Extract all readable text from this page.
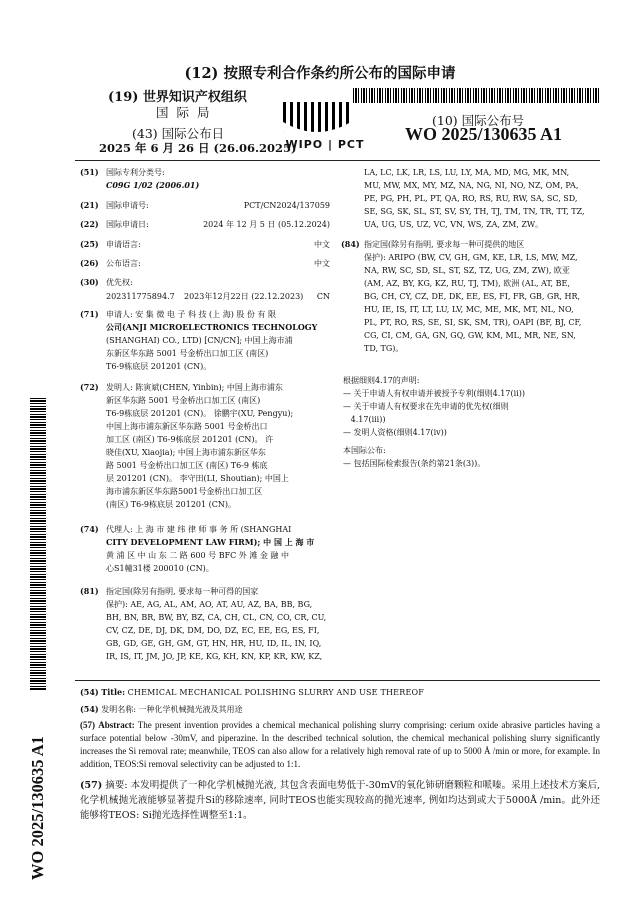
(12) 按照专利合作条约所公布的国际申请
(19) 世界知识产权组织
国 际 局
WIPO | PCT
(10) 国际公布号
WO 2025/130635 A1
(43) 国际公布日
2025 年 6 月 26 日 (26.06.2025)
(51) 国际专利分类号:
C09G 1/02 (2006.01)
(21) 国际申请号:	PCT/CN2024/137059
(22) 国际申请日:	2024 年 12 月 5 日 (05.12.2024)
(25) 申请语言:	中文
(26) 公布语言:	中文
(30) 优先权:
202311775894.7 2023年12月22日 (22.12.2023) CN
(71) 申请人: 安 集 微 电 子 科 技 (上 海) 股 份 有 限
公司(ANJI MICROELECTRONICS TECHNOLOGY
(SHANGHAI) CO., LTD) [CN/CN]; 中国上海市浦
东新区华东路 5001 号金桥出口加工区 (南区)
T6-9栋底层 201201 (CN)。
(72) 发明人: 陈寅斌(CHEN, Yinbin); 中国上海市浦东
新区华东路 5001 号金桥出口加工区 (南区)
T6-9栋底层 201201 (CN)。 徐鹏宇(XU, Pengyu);
中国上海市浦东新区华东路 5001 号金桥出口
加工区 (南区) T6-9栋底层 201201 (CN)。 许
晓佳(XU, Xiaojia); 中国上海市浦东新区华东
路 5001 号金桥出口加工区 (南区) T6-9 栋底
层 201201 (CN)。 李守田(LI, Shoutian); 中国上
海市浦东新区华东路5001号金桥出口加工区
(南区) T6-9栋底层 201201 (CN)。
(74) 代理人: 上 海 市 建 纬 律 师 事 务 所 (SHANGHAI
CITY DEVELOPMENT LAW FIRM); 中 国 上 海 市
黄 浦 区 中 山 东 二 路 600 号 BFC 外 滩 金 融 中
心S1幢31楼 200010 (CN)。
(81) 指定国(除另有指明, 要求每一种可得的国家
保护): AE, AG, AL, AM, AO, AT, AU, AZ, BA, BB, BG,
BH, BN, BR, BW, BY, BZ, CA, CH, CL, CN, CO, CR, CU,
CV, CZ, DE, DJ, DK, DM, DO, DZ, EC, EE, EG, ES, FI,
GB, GD, GE, GH, GM, GT, HN, HR, HU, ID, IL, IN, IQ,
IR, IS, IT, JM, JO, JP, KE, KG, KH, KN, KP, KR, KW, KZ,
LA, LC, LK, LR, LS, LU, LY, MA, MD, MG, MK, MN,
MU, MW, MX, MY, MZ, NA, NG, NI, NO, NZ, OM, PA,
PE, PG, PH, PL, PT, QA, RO, RS, RU, RW, SA, SC, SD,
SE, SG, SK, SL, ST, SV, SY, TH, TJ, TM, TN, TR, TT, TZ,
UA, UG, US, UZ, VC, VN, WS, ZA, ZM, ZW。
(84) 指定国(除另有指明, 要求每一种可提供的地区
保护): ARIPO (BW, CV, GH, GM, KE, LR, LS, MW, MZ,
NA, RW, SC, SD, SL, ST, SZ, TZ, UG, ZM, ZW), 欧亚
(AM, AZ, BY, KG, KZ, RU, TJ, TM), 欧洲 (AL, AT, BE,
BG, CH, CY, CZ, DE, DK, EE, ES, FI, FR, GB, GR, HR,
HU, IE, IS, IT, LT, LU, LV, MC, ME, MK, MT, NL, NO,
PL, PT, RO, RS, SE, SI, SK, SM, TR), OAPI (BF, BJ, CF,
CG, CI, CM, GA, GN, GQ, GW, KM, ML, MR, NE, SN,
TD, TG)。
根据细则4.17的声明:
— 关于申请人有权申请并被授予专利(细则4.17(ii))
— 关于申请人有权要求在先申请的优先权(细则
4.17(iii))
— 发明人资格(细则4.17(iv))
本国际公布:
— 包括国际检索报告(条约第21条(3))。
(54) Title: CHEMICAL MECHANICAL POLISHING SLURRY AND USE THEREOF
(54) 发明名称: 一种化学机械抛光液及其用途
(57) Abstract: The present invention provides a chemical mechanical polishing slurry comprising: cerium oxide abrasive particles having a surface potential below -30mV, and piperazine. In the described technical solution, the chemical mechanical polishing slurry significantly increases the Si removal rate; meanwhile, TEOS can also allow for a relatively high removal rate of up to 5000 Å /min or more, for example. In addition, TEOS:Si removal selectivity can be adjusted to 1:1.
(57) 摘要: 本发明提供了一种化学机械抛光液, 其包含表面电势低于-30mV的氧化铈研磨颗粒和哌嗪。采用上述技术方案后, 化学机械抛光液能够显著提升Si的移除速率, 同时TEOS也能实现较高的抛光速率, 例如均达到或大于5000Å /min。此外还能够将TEOS: Si抛光选择性调整至1:1。
WO 2025/130635 A1
